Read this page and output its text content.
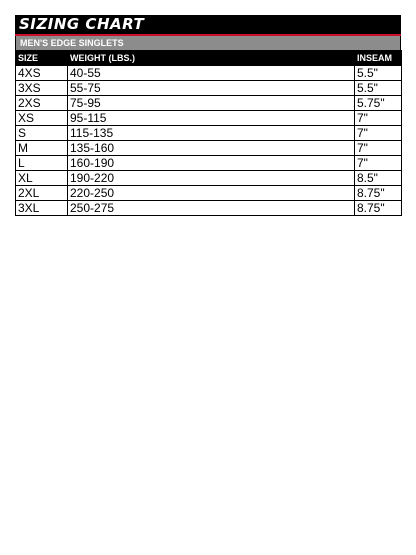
SIZING CHART
MEN'S EDGE SINGLETS
SIZE	WEIGHT (LBS.)	INSEAM
4XS	40-55	5.5"
3XS	55-75	5.5"
2XS	75-95	5.75"
XS	95-115	7"
S	115-135	7"
M	135-160	7"
L	160-190	7"
XL	190-220	8.5"
2XL	220-250	8.75"
3XL	250-275	8.75"
